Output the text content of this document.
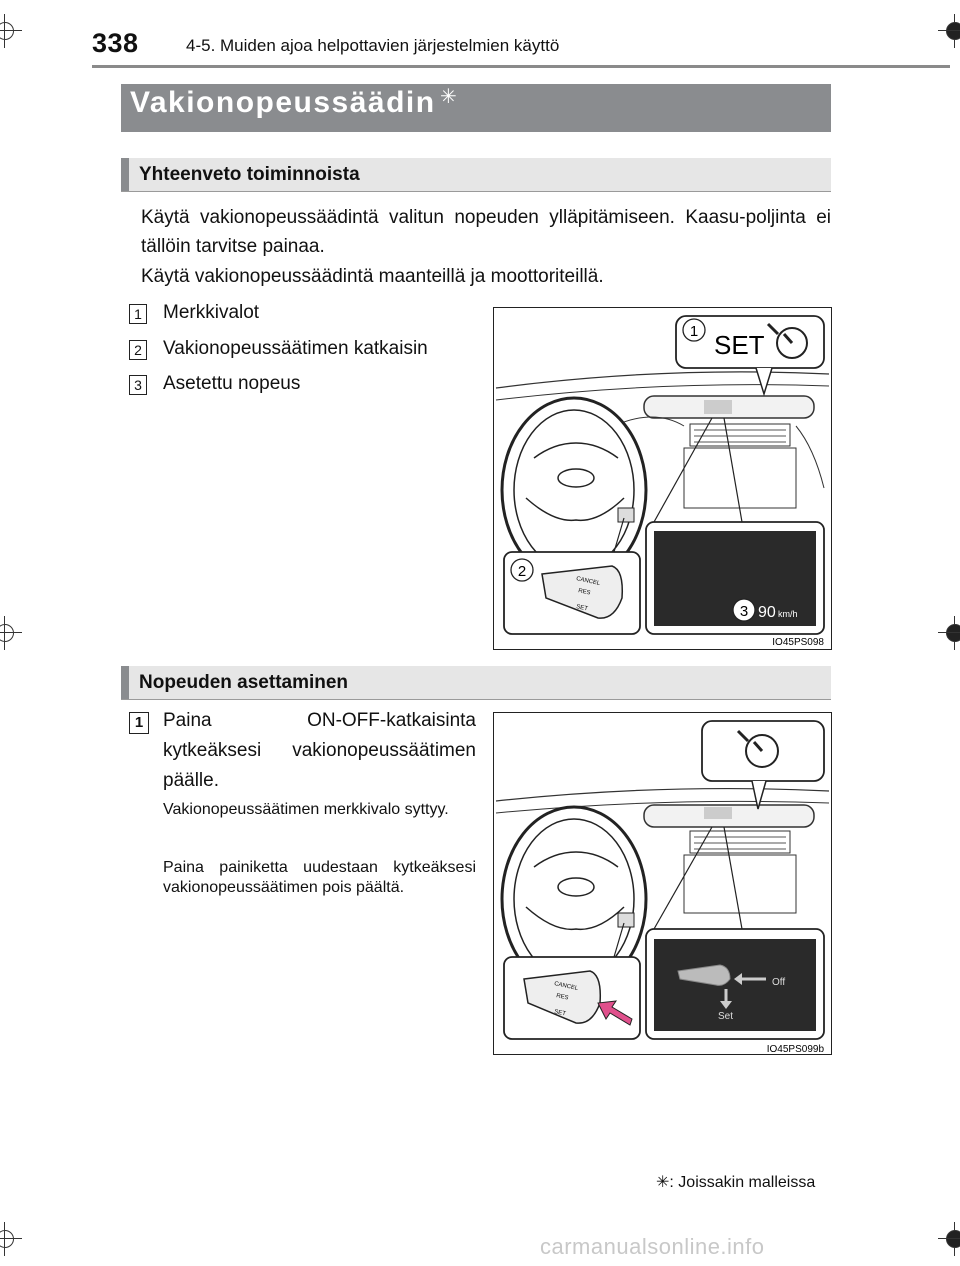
338	4-5. Muiden ajoa helpottavien järjestelmien käyttö
Vakionopeussäädin ✳
Yhteenveto toiminnoista
Käytä vakionopeussäädintä valitun nopeuden ylläpitämiseen. Kaasu-poljinta ei tällöin tarvitse painaa.
Käytä vakionopeussäädintä maanteillä ja moottoriteillä.
1 Merkkivalot
2 Vakionopeussäätimen katkaisin
3 Asetettu nopeus
1 SET
3 90 km/h
2
CANCEL
RES
SET
IO45PS098
Nopeuden asettaminen
1	Paina ON-OFF-katkaisinta kytkeäksesi vakionopeussäätimen päälle.
Vakionopeussäätimen merkkivalo syttyy.
Paina painiketta uudestaan kytkeäksesi vakionopeussäätimen pois päältä.
Off
Set
CANCEL
RES
SET
IO45PS099b
✳: Joissakin malleissa
carmanualsonline.info
